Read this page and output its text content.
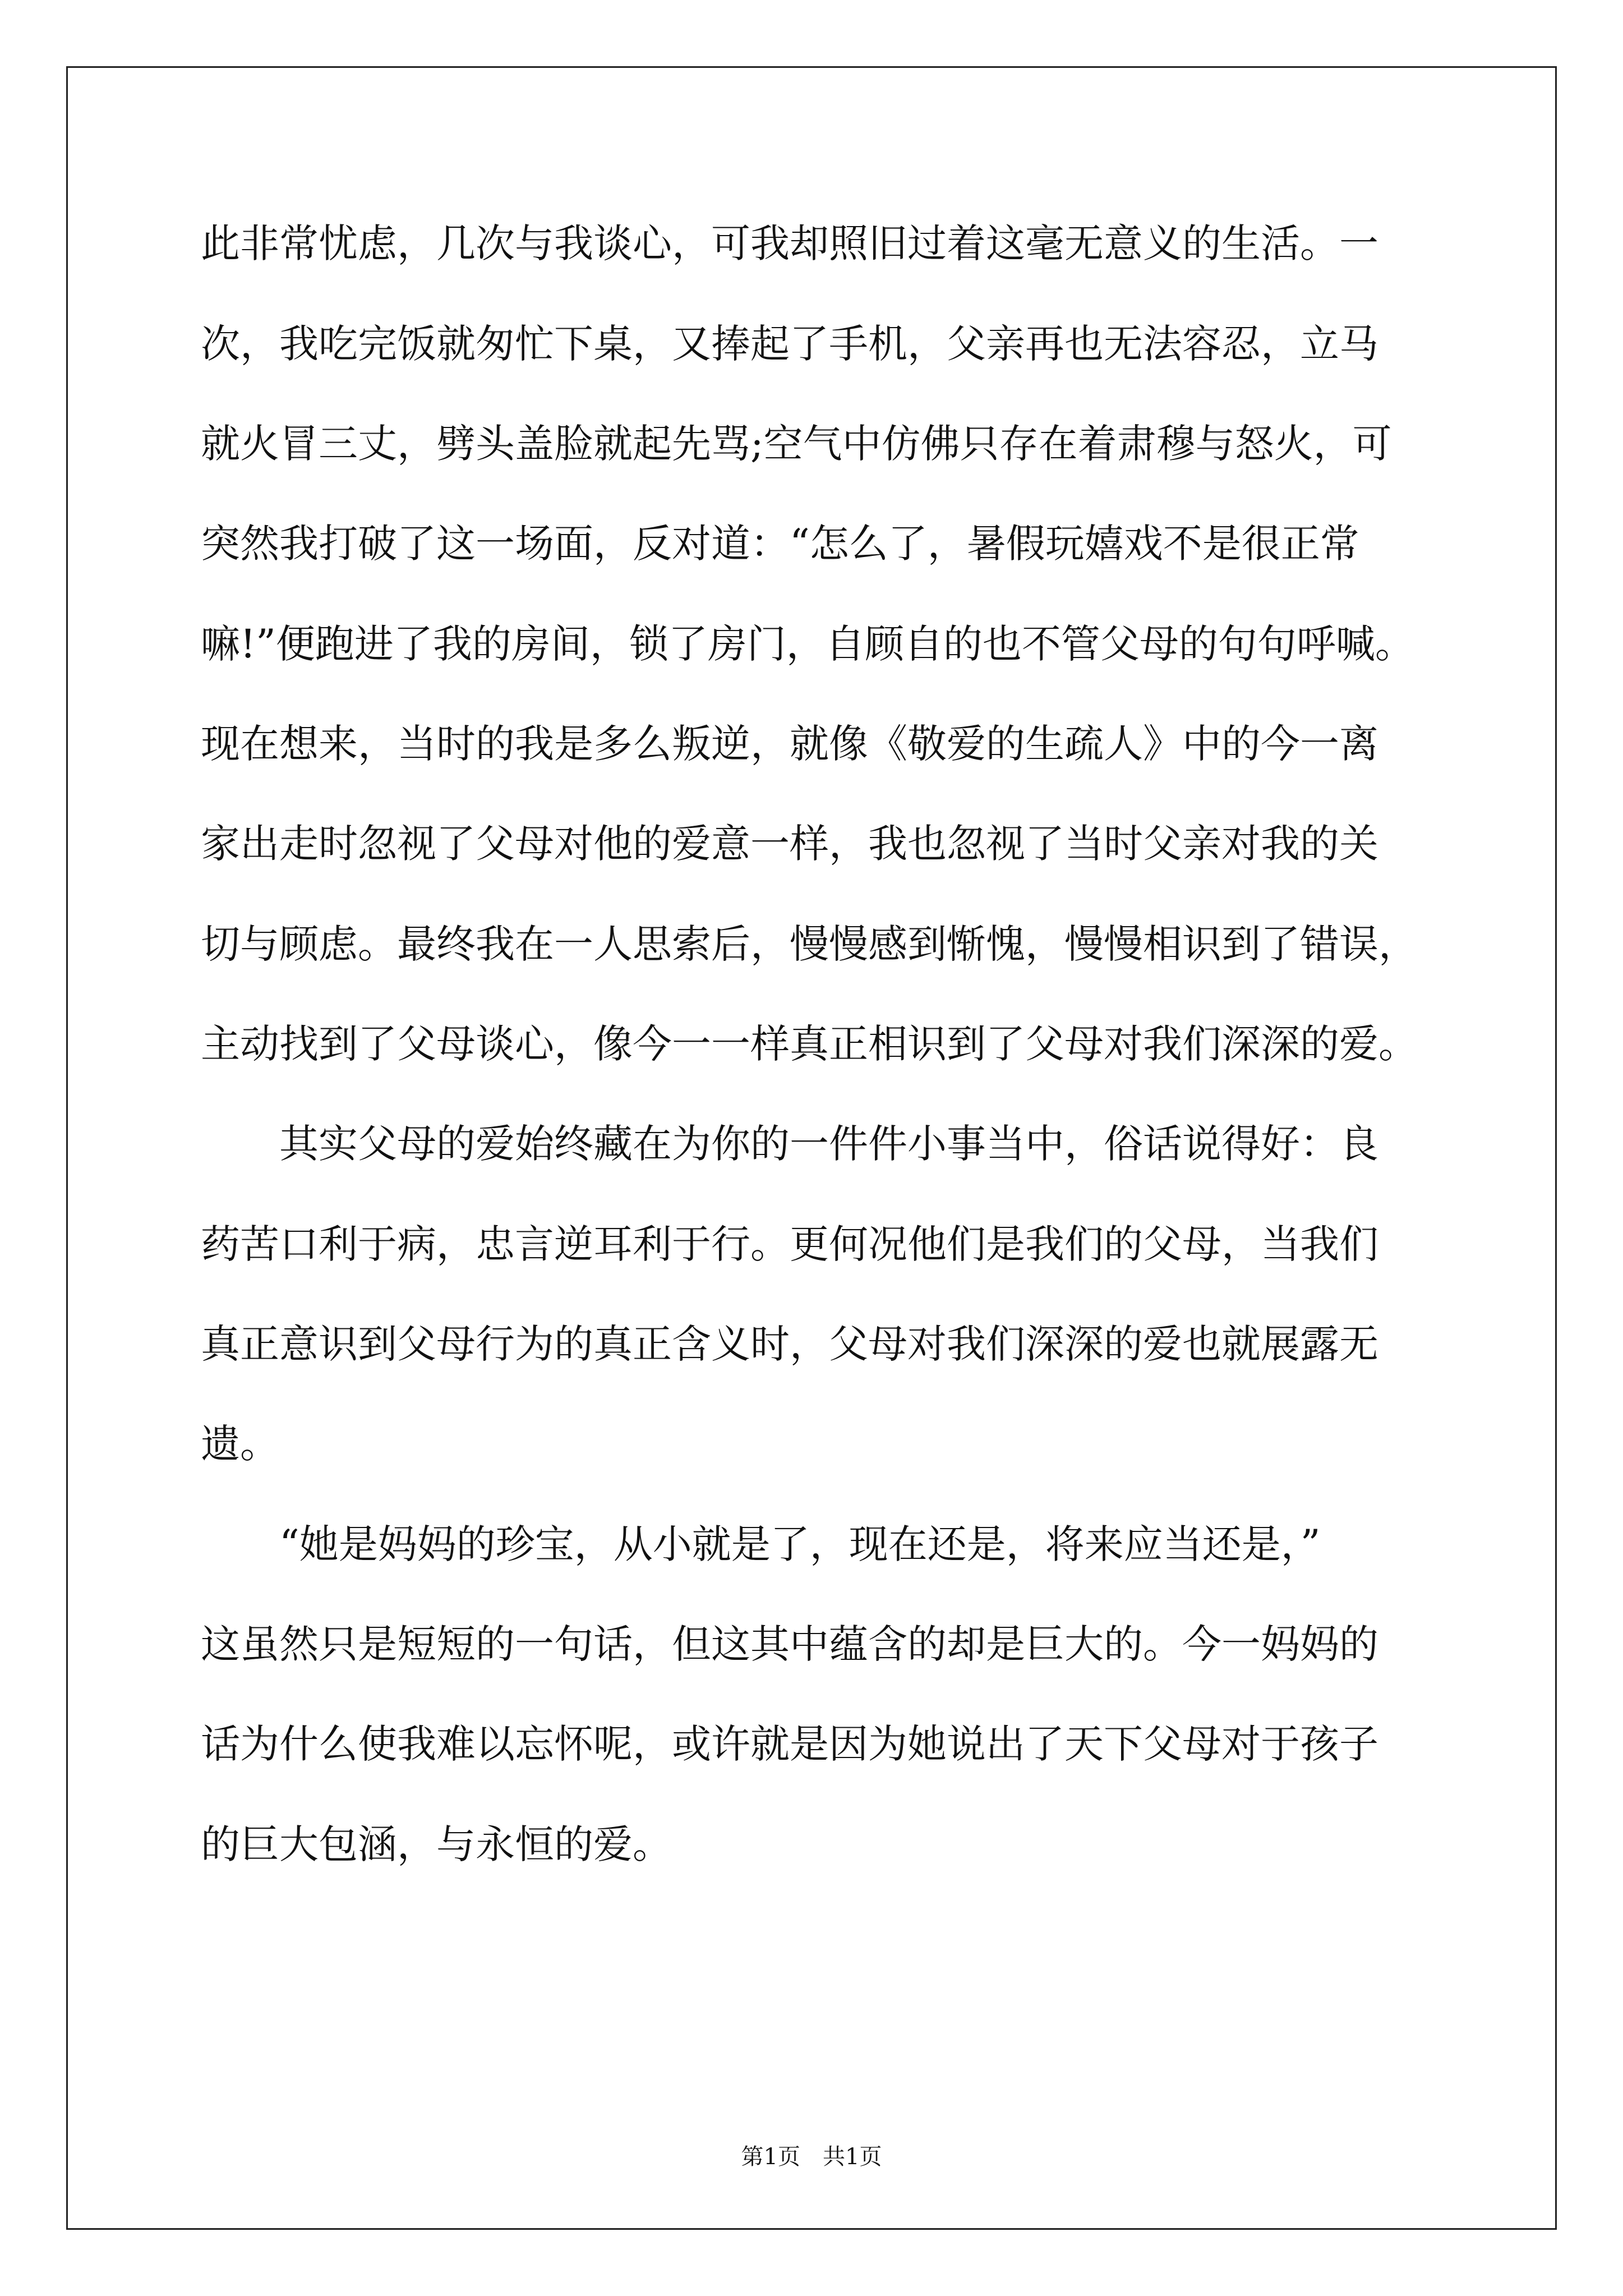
此非常忧虑，几次与我谈心，可我却照旧过着这毫无意义的生活。一
次，我吃完饭就匆忙下桌，又捧起了手机，父亲再也无法容忍，立马
就火冒三丈，劈头盖脸就起先骂;空气中仿佛只存在着肃穆与怒火，可
突然我打破了这一场面，反对道：“怎么了，暑假玩嬉戏不是很正常
嘛!”便跑进了我的房间，锁了房门，自顾自的也不管父母的句句呼喊。
现在想来，当时的我是多么叛逆，就像《敬爱的生疏人》中的今一离
家出走时忽视了父母对他的爱意一样，我也忽视了当时父亲对我的关
切与顾虑。最终我在一人思索后，慢慢感到惭愧，慢慢相识到了错误，
主动找到了父母谈心，像今一一样真正相识到了父母对我们深深的爱。
　　其实父母的爱始终藏在为你的一件件小事当中，俗话说得好：良
药苦口利于病，忠言逆耳利于行。更何况他们是我们的父母，当我们
真正意识到父母行为的真正含义时，父母对我们深深的爱也就展露无
遗。
　　“她是妈妈的珍宝，从小就是了，现在还是，将来应当还是，”
这虽然只是短短的一句话，但这其中蕴含的却是巨大的。今一妈妈的
话为什么使我难以忘怀呢，或许就是因为她说出了天下父母对于孩子
的巨大包涵，与永恒的爱。
第1页　共1页
